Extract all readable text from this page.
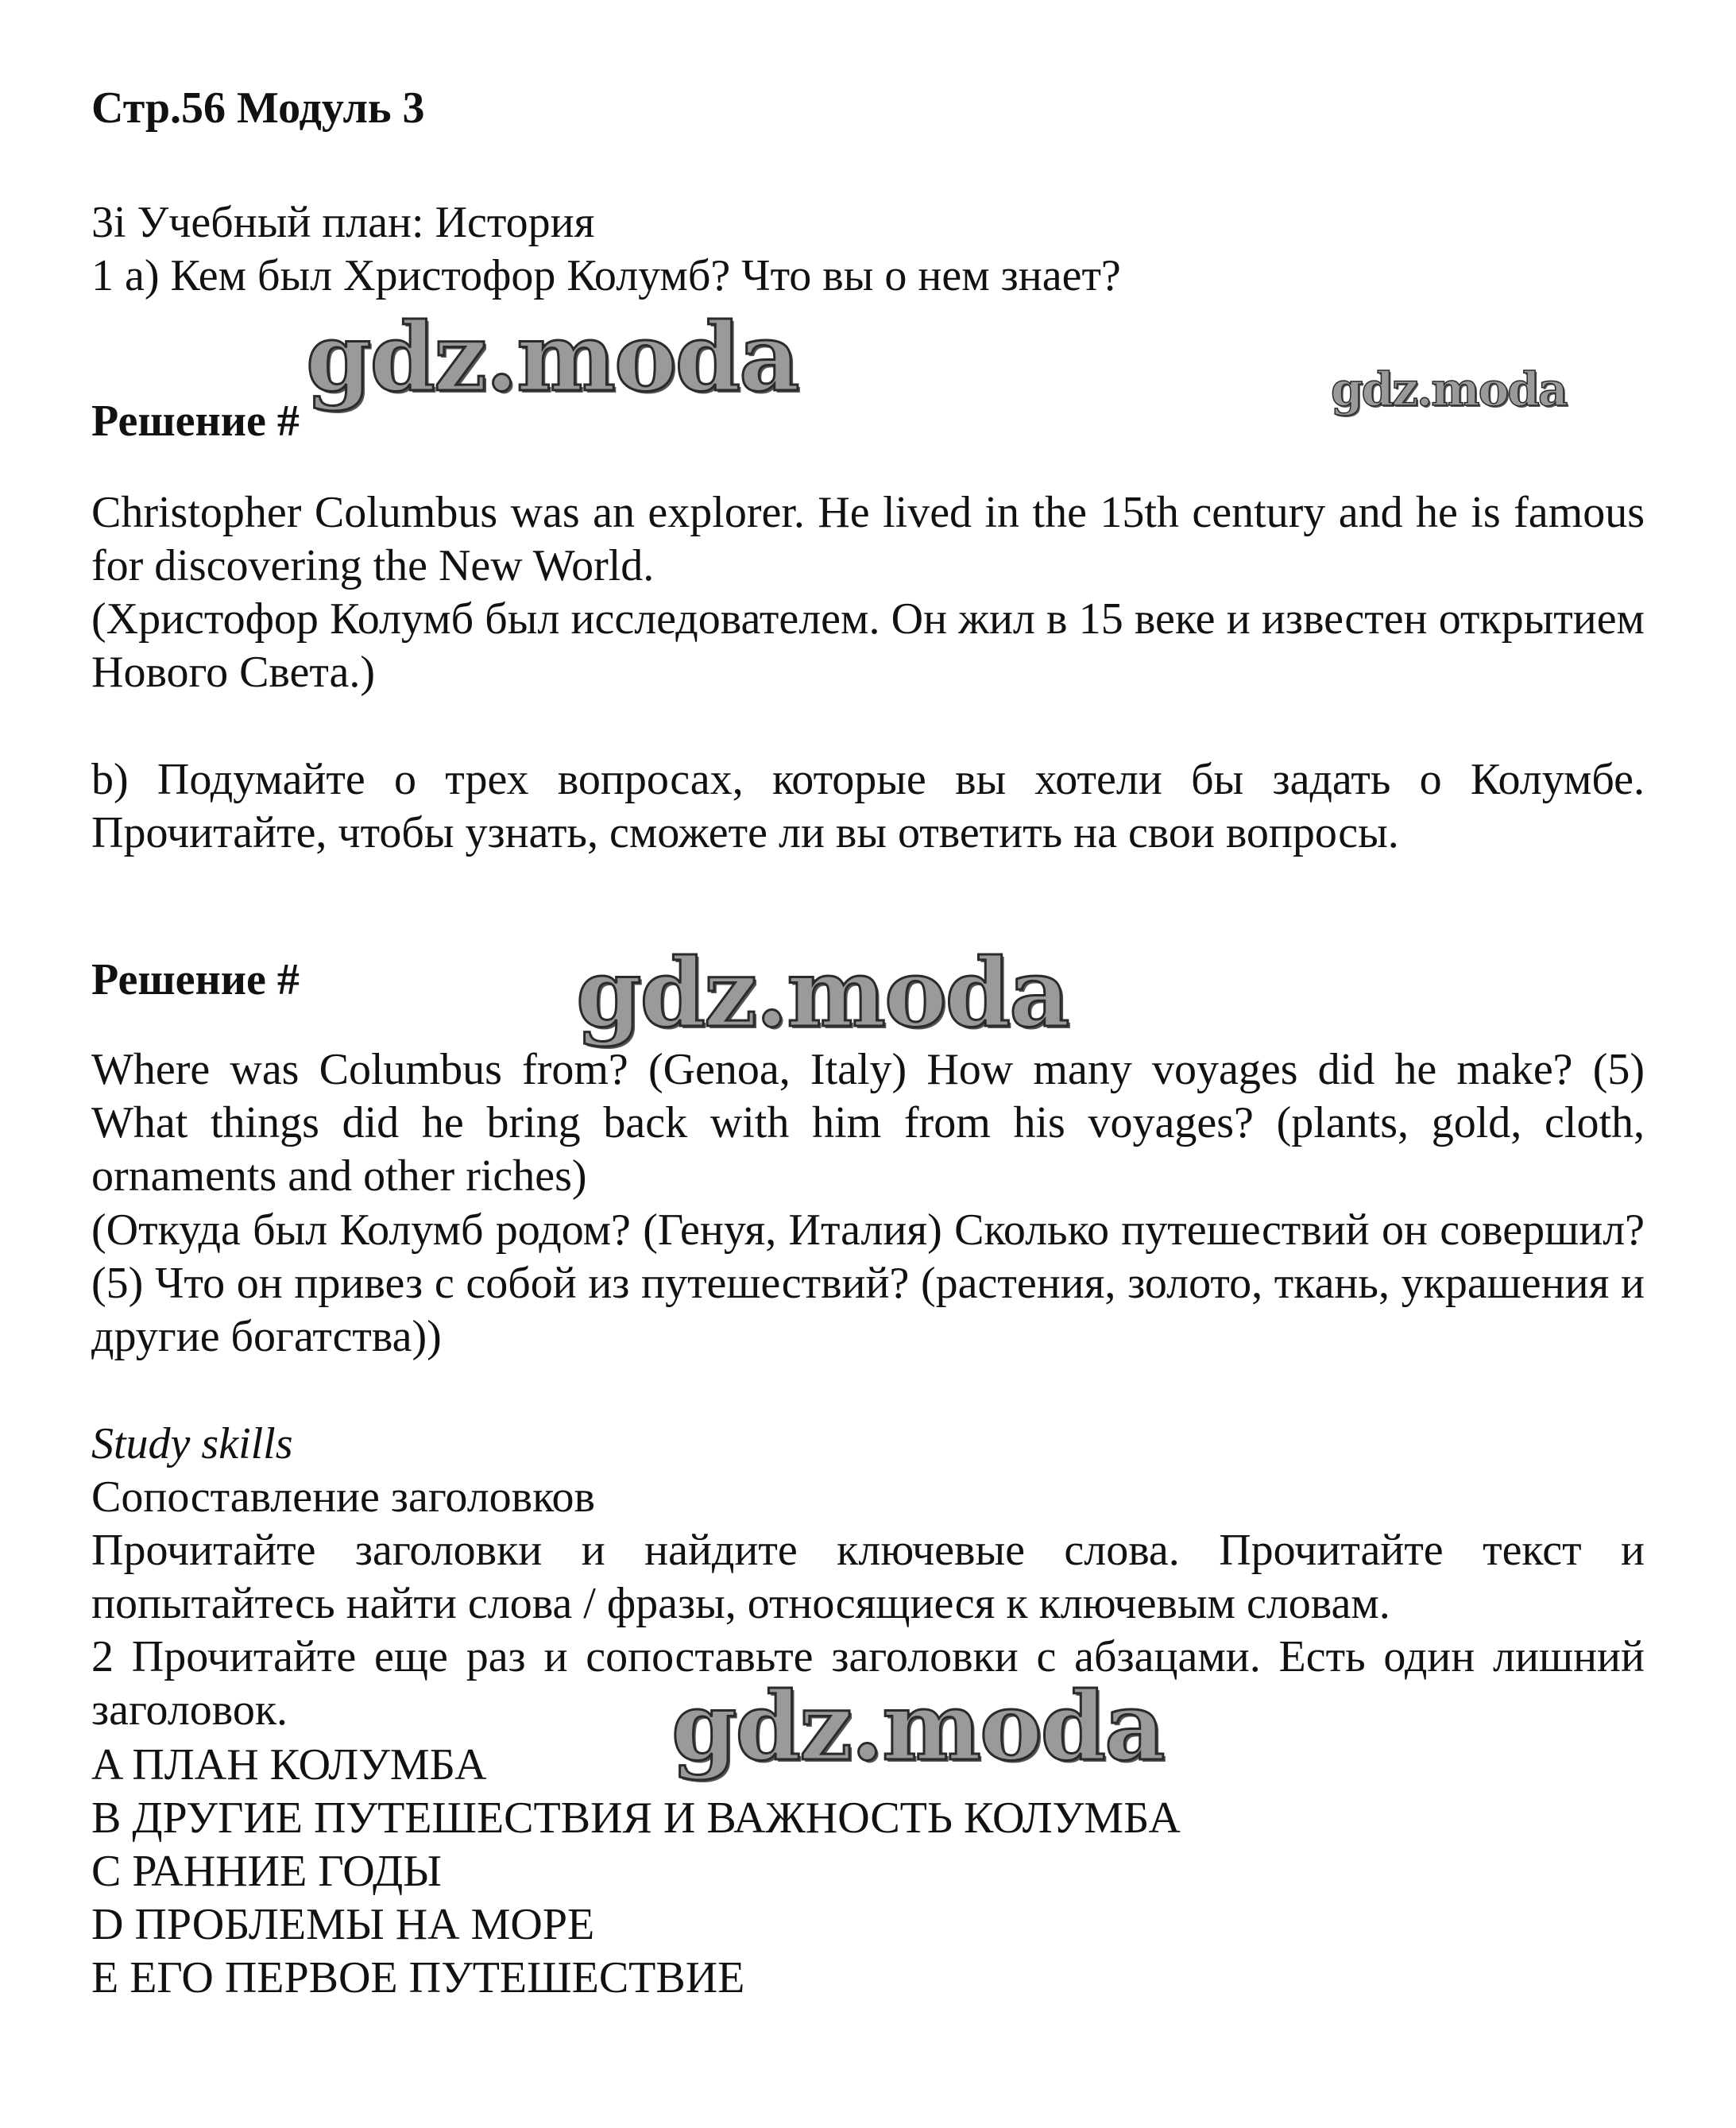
Стр.56 Модуль 3

3i Учебный план: История

1 a) Кем был Христофор Колумб? Что вы о нем знает?

gdz.moda	gdz.moda

Решение #

Christopher Columbus was an explorer. He lived in the 15th century and he is famous for discovering the New World.

(Христофор Колумб был исследователем. Он жил в 15 веке и известен открытием Нового Света.)

b) Подумайте о трех вопросах, которые вы хотели бы задать о Колумбе. Прочитайте, чтобы узнать, сможете ли вы ответить на свои вопросы.

Решение #	gdz.moda

Where was Columbus from? (Genoa, Italy) How many voyages did he make? (5) What things did he bring back with him from his voyages? (plants, gold, cloth, ornaments and other riches)

(Откуда был Колумб родом? (Генуя, Италия) Сколько путешествий он совершил? (5) Что он привез с собой из путешествий? (растения, золото, ткань, украшения и другие богатства))

Study skills

Сопоставление заголовков

Прочитайте заголовки и найдите ключевые слова. Прочитайте текст и попытайтесь найти слова / фразы, относящиеся к ключевым словам.

2 Прочитайте еще раз и сопоставьте заголовки с абзацами. Есть один лишний заголовок.	gdz.moda

A ПЛАН КОЛУМБА

B ДРУГИЕ ПУТЕШЕСТВИЯ И ВАЖНОСТЬ КОЛУМБА

C РАННИЕ ГОДЫ

D ПРОБЛЕМЫ НА МОРЕ

E ЕГО ПЕРВОЕ ПУТЕШЕСТВИЕ
